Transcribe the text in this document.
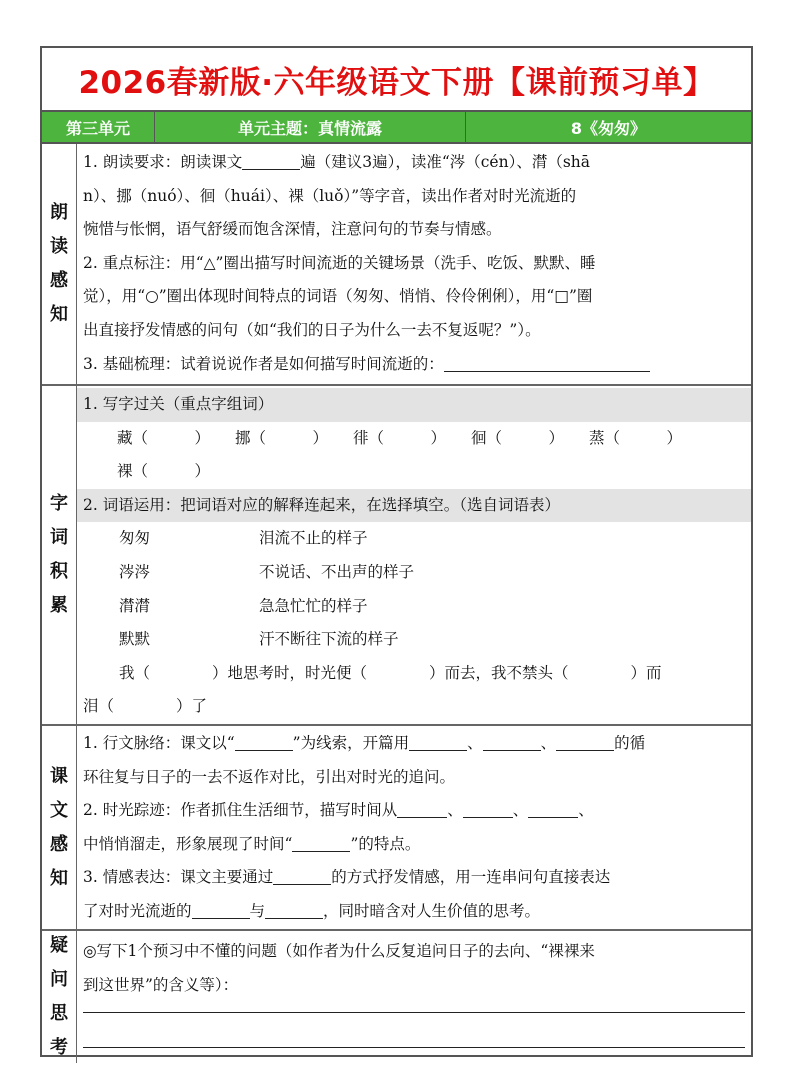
2026春新版·六年级语文下册【课前预习单】
第三单元	单元主题：真情流露	8《匆匆》
朗
读
感
知

1. 朗读要求：朗读课文	遍（建议3遍），读准“涔（cén）、潸（shā

n）、挪（nuó）、徊（huái）、裸（luǒ）”等字音，读出作者对时光流逝的

惋惜与怅惘，语气舒缓而饱含深情，注意问句的节奏与情感。

2. 重点标注：用“△”圈出描写时间流逝的关键场景（洗手、吃饭、默默、睡

觉），用“○”圈出体现时间特点的词语（匆匆、悄悄、伶伶俐俐），用“□”圈

出直接抒发情感的问句（如“我们的日子为什么一去不复返呢？”）。

3. 基础梳理：试着说说作者是如何描写时间流逝的：

字
词
积
累

1. 写字过关（重点字组词）

藏（　　　） 挪（　　　） 徘（　　　） 徊（　　　） 蒸（　　　）

裸（　　　）

2. 词语运用：把词语对应的解释连起来，在选择填空。（选自词语表）

匆匆	泪流不止的样子
涔涔	不说话、不出声的样子
潸潸	急急忙忙的样子
默默	汗不断往下流的样子

我（　　　　）地思考时，时光便（　　　　）而去，我不禁头（　　　　）而

泪（　　　　）了

课
文
感
知

1. 行文脉络：课文以“	”为线索，开篇用	、	、	的循

环往复与日子的一去不返作对比，引出对时光的追问。

2. 时光踪迹：作者抓住生活细节，描写时间从	、	、	、

中悄悄溜走，形象展现了时间“	”的特点。

3. 情感表达：课文主要通过	的方式抒发情感，用一连串问句直接表达

了对时光流逝的	与	，同时暗含对人生价值的思考。

疑
问
思
考

◎写下1个预习中不懂的问题（如作者为什么反复追问日子的去向、“裸裸来

到这世界”的含义等）：
